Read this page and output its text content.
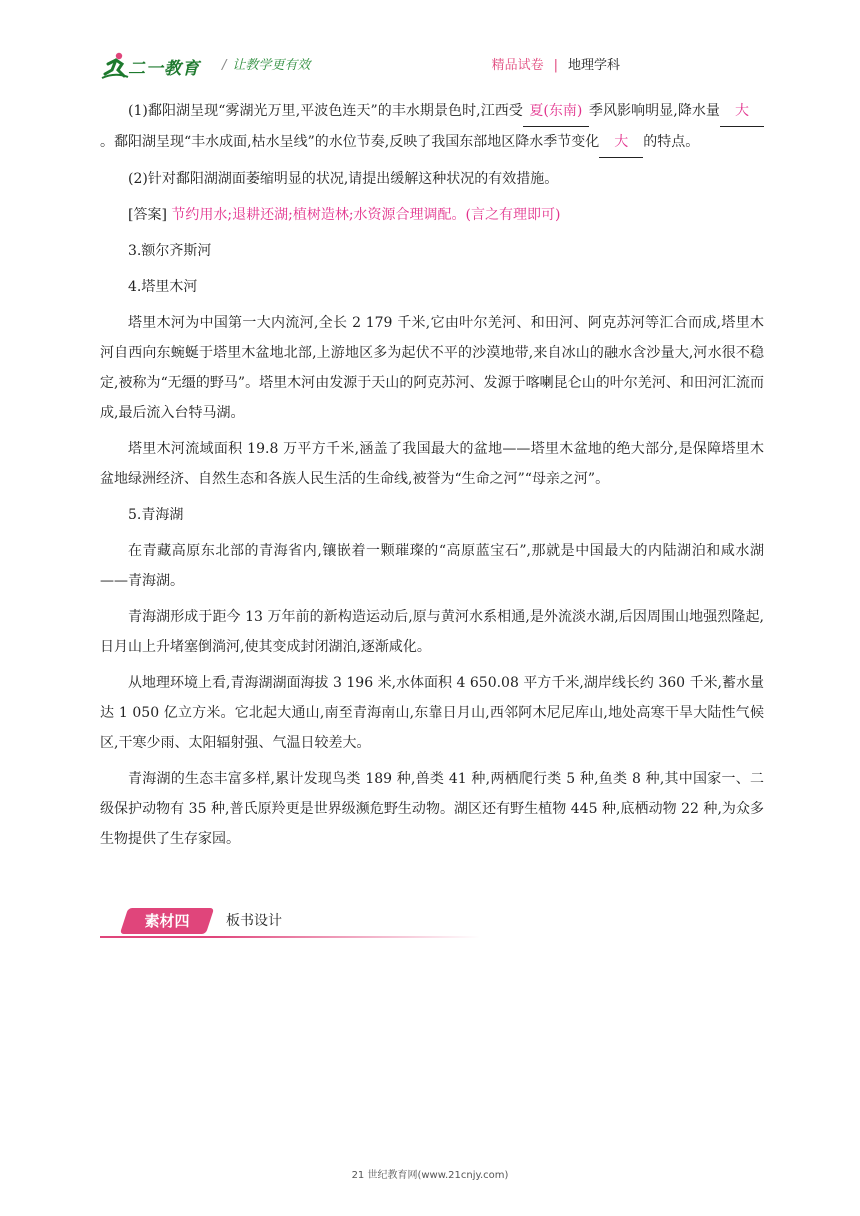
二一教育 / 让教学更有效	精品试卷 | 地理学科

(1)鄱阳湖呈现“雾湖光万里,平波色连天”的丰水期景色时,江西受 夏(东南) 季风影响明显,降水量 大。鄱阳湖呈现“丰水成面,枯水呈线”的水位节奏,反映了我国东部地区降水季节变化 大 的特点。

(2)针对鄱阳湖湖面萎缩明显的状况,请提出缓解这种状况的有效措施。

[答案] 节约用水;退耕还湖;植树造林;水资源合理调配。(言之有理即可)

3.额尔齐斯河

4.塔里木河

塔里木河为中国第一大内流河,全长 2 179 千米,它由叶尔羌河、和田河、阿克苏河等汇合而成,塔里木河自西向东蜿蜒于塔里木盆地北部,上游地区多为起伏不平的沙漠地带,来自冰山的融水含沙量大,河水很不稳定,被称为“无缰的野马”。塔里木河由发源于天山的阿克苏河、发源于喀喇昆仑山的叶尔羌河、和田河汇流而成,最后流入台特马湖。

塔里木河流域面积 19.8 万平方千米,涵盖了我国最大的盆地——塔里木盆地的绝大部分,是保障塔里木盆地绿洲经济、自然生态和各族人民生活的生命线,被誉为“生命之河”“母亲之河”。

5.青海湖

在青藏高原东北部的青海省内,镶嵌着一颗璀璨的“高原蓝宝石”,那就是中国最大的内陆湖泊和咸水湖——青海湖。

青海湖形成于距今 13 万年前的新构造运动后,原与黄河水系相通,是外流淡水湖,后因周围山地强烈隆起,日月山上升堵塞倒淌河,使其变成封闭湖泊,逐渐咸化。

从地理环境上看,青海湖湖面海拔 3 196 米,水体面积 4 650.08 平方千米,湖岸线长约 360 千米,蓄水量达 1 050 亿立方米。它北起大通山,南至青海南山,东靠日月山,西邻阿木尼尼库山,地处高寒干旱大陆性气候区,干寒少雨、太阳辐射强、气温日较差大。

青海湖的生态丰富多样,累计发现鸟类 189 种,兽类 41 种,两栖爬行类 5 种,鱼类 8 种,其中国家一、二级保护动物有 35 种,普氏原羚更是世界级濒危野生动物。湖区还有野生植物 445 种,底栖动物 22 种,为众多生物提供了生存家园。

素材四	板书设计
21 世纪教育网(www.21cnjy.com)
